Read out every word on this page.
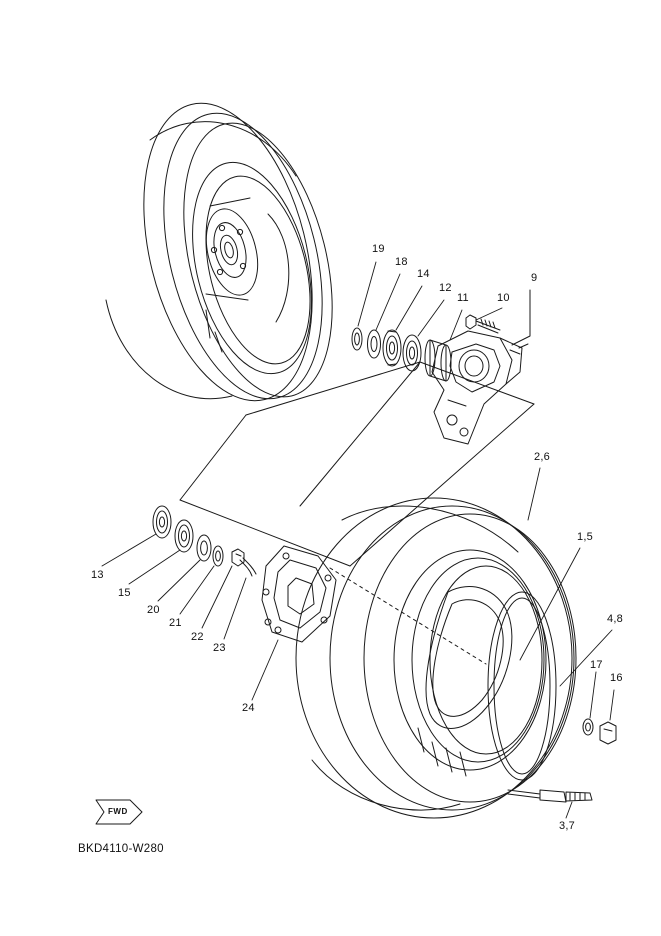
19
18
14
12
11	10
9
2,6
1,5
4,8
17
16
3,7
13
15
20
21
22
23
24
FWD
BKD4110-W280
